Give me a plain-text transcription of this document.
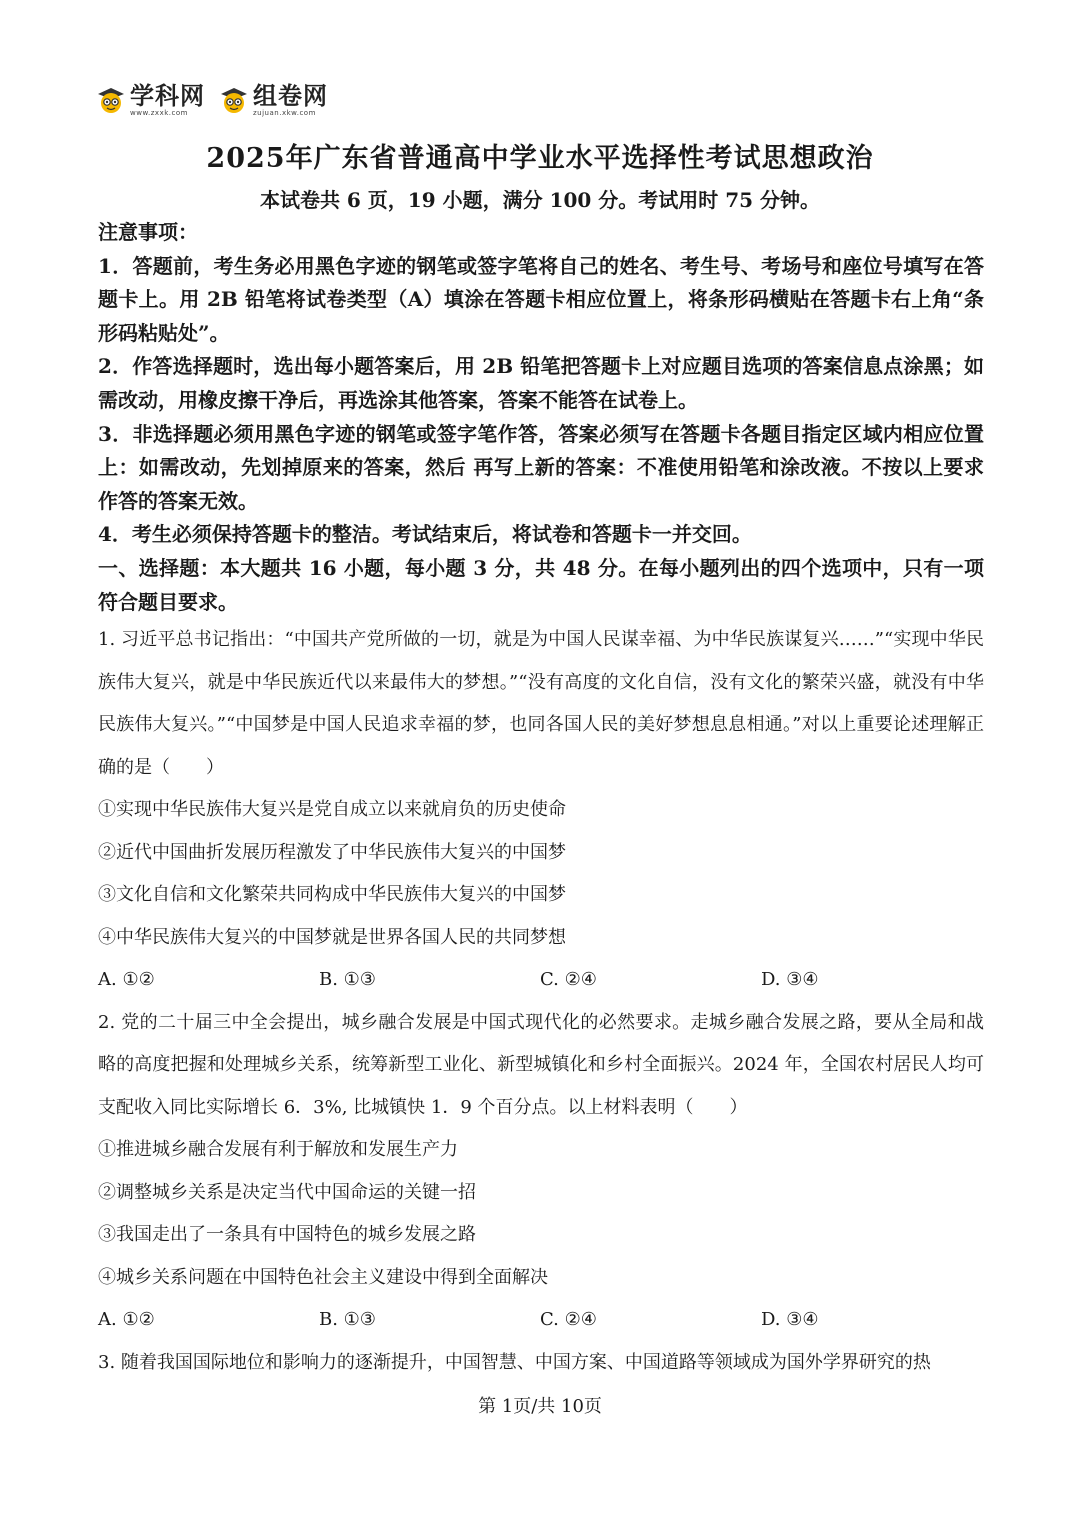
学科网
www.zxxk.com
组卷网
zujuan.xkw.com
2025年广东省普通高中学业水平选择性考试思想政治
本试卷共 6 页，19 小题，满分 100 分。考试用时 75 分钟。

注意事项：

1．答题前，考生务必用黑色字迹的钢笔或签字笔将自己的姓名、考生号、考场号和座位号填写在答题卡上。用 2B 铅笔将试卷类型（A）填涂在答题卡相应位置上，将条形码横贴在答题卡右上角“条形码粘贴处”。

2．作答选择题时，选出每小题答案后，用 2B 铅笔把答题卡上对应题目选项的答案信息点涂黑；如需改动，用橡皮擦干净后，再选涂其他答案，答案不能答在试卷上。

3．非选择题必须用黑色字迹的钢笔或签字笔作答，答案必须写在答题卡各题目指定区域内相应位置上：如需改动，先划掉原来的答案，然后 再写上新的答案：不准使用铅笔和涂改液。不按以上要求作答的答案无效。

4．考生必须保持答题卡的整洁。考试结束后，将试卷和答题卡一并交回。

一、选择题：本大题共 16 小题，每小题 3 分，共 48 分。在每小题列出的四个选项中，只有一项符合题目要求。

1. 习近平总书记指出：“中国共产党所做的一切，就是为中国人民谋幸福、为中华民族谋复兴……”“实现中华民族伟大复兴，就是中华民族近代以来最伟大的梦想。”“没有高度的文化自信，没有文化的繁荣兴盛，就没有中华民族伟大复兴。”“中国梦是中国人民追求幸福的梦，也同各国人民的美好梦想息息相通。”对以上重要论述理解正确的是（　　）

①实现中华民族伟大复兴是党自成立以来就肩负的历史使命

②近代中国曲折发展历程激发了中华民族伟大复兴的中国梦

③文化自信和文化繁荣共同构成中华民族伟大复兴的中国梦

④中华民族伟大复兴的中国梦就是世界各国人民的共同梦想

A. ①②	B. ①③	C. ②④	D. ③④

2. 党的二十届三中全会提出，城乡融合发展是中国式现代化的必然要求。走城乡融合发展之路，要从全局和战略的高度把握和处理城乡关系，统筹新型工业化、新型城镇化和乡村全面振兴。2024 年，全国农村居民人均可支配收入同比实际增长 6．3%, 比城镇快 1．9 个百分点。以上材料表明（　　）

①推进城乡融合发展有利于解放和发展生产力

②调整城乡关系是决定当代中国命运的关键一招

③我国走出了一条具有中国特色的城乡发展之路

④城乡关系问题在中国特色社会主义建设中得到全面解决

A. ①②	B. ①③	C. ②④	D. ③④

3. 随着我国国际地位和影响力的逐渐提升，中国智慧、中国方案、中国道路等领域成为国外学界研究的热

第 1页/共 10页
